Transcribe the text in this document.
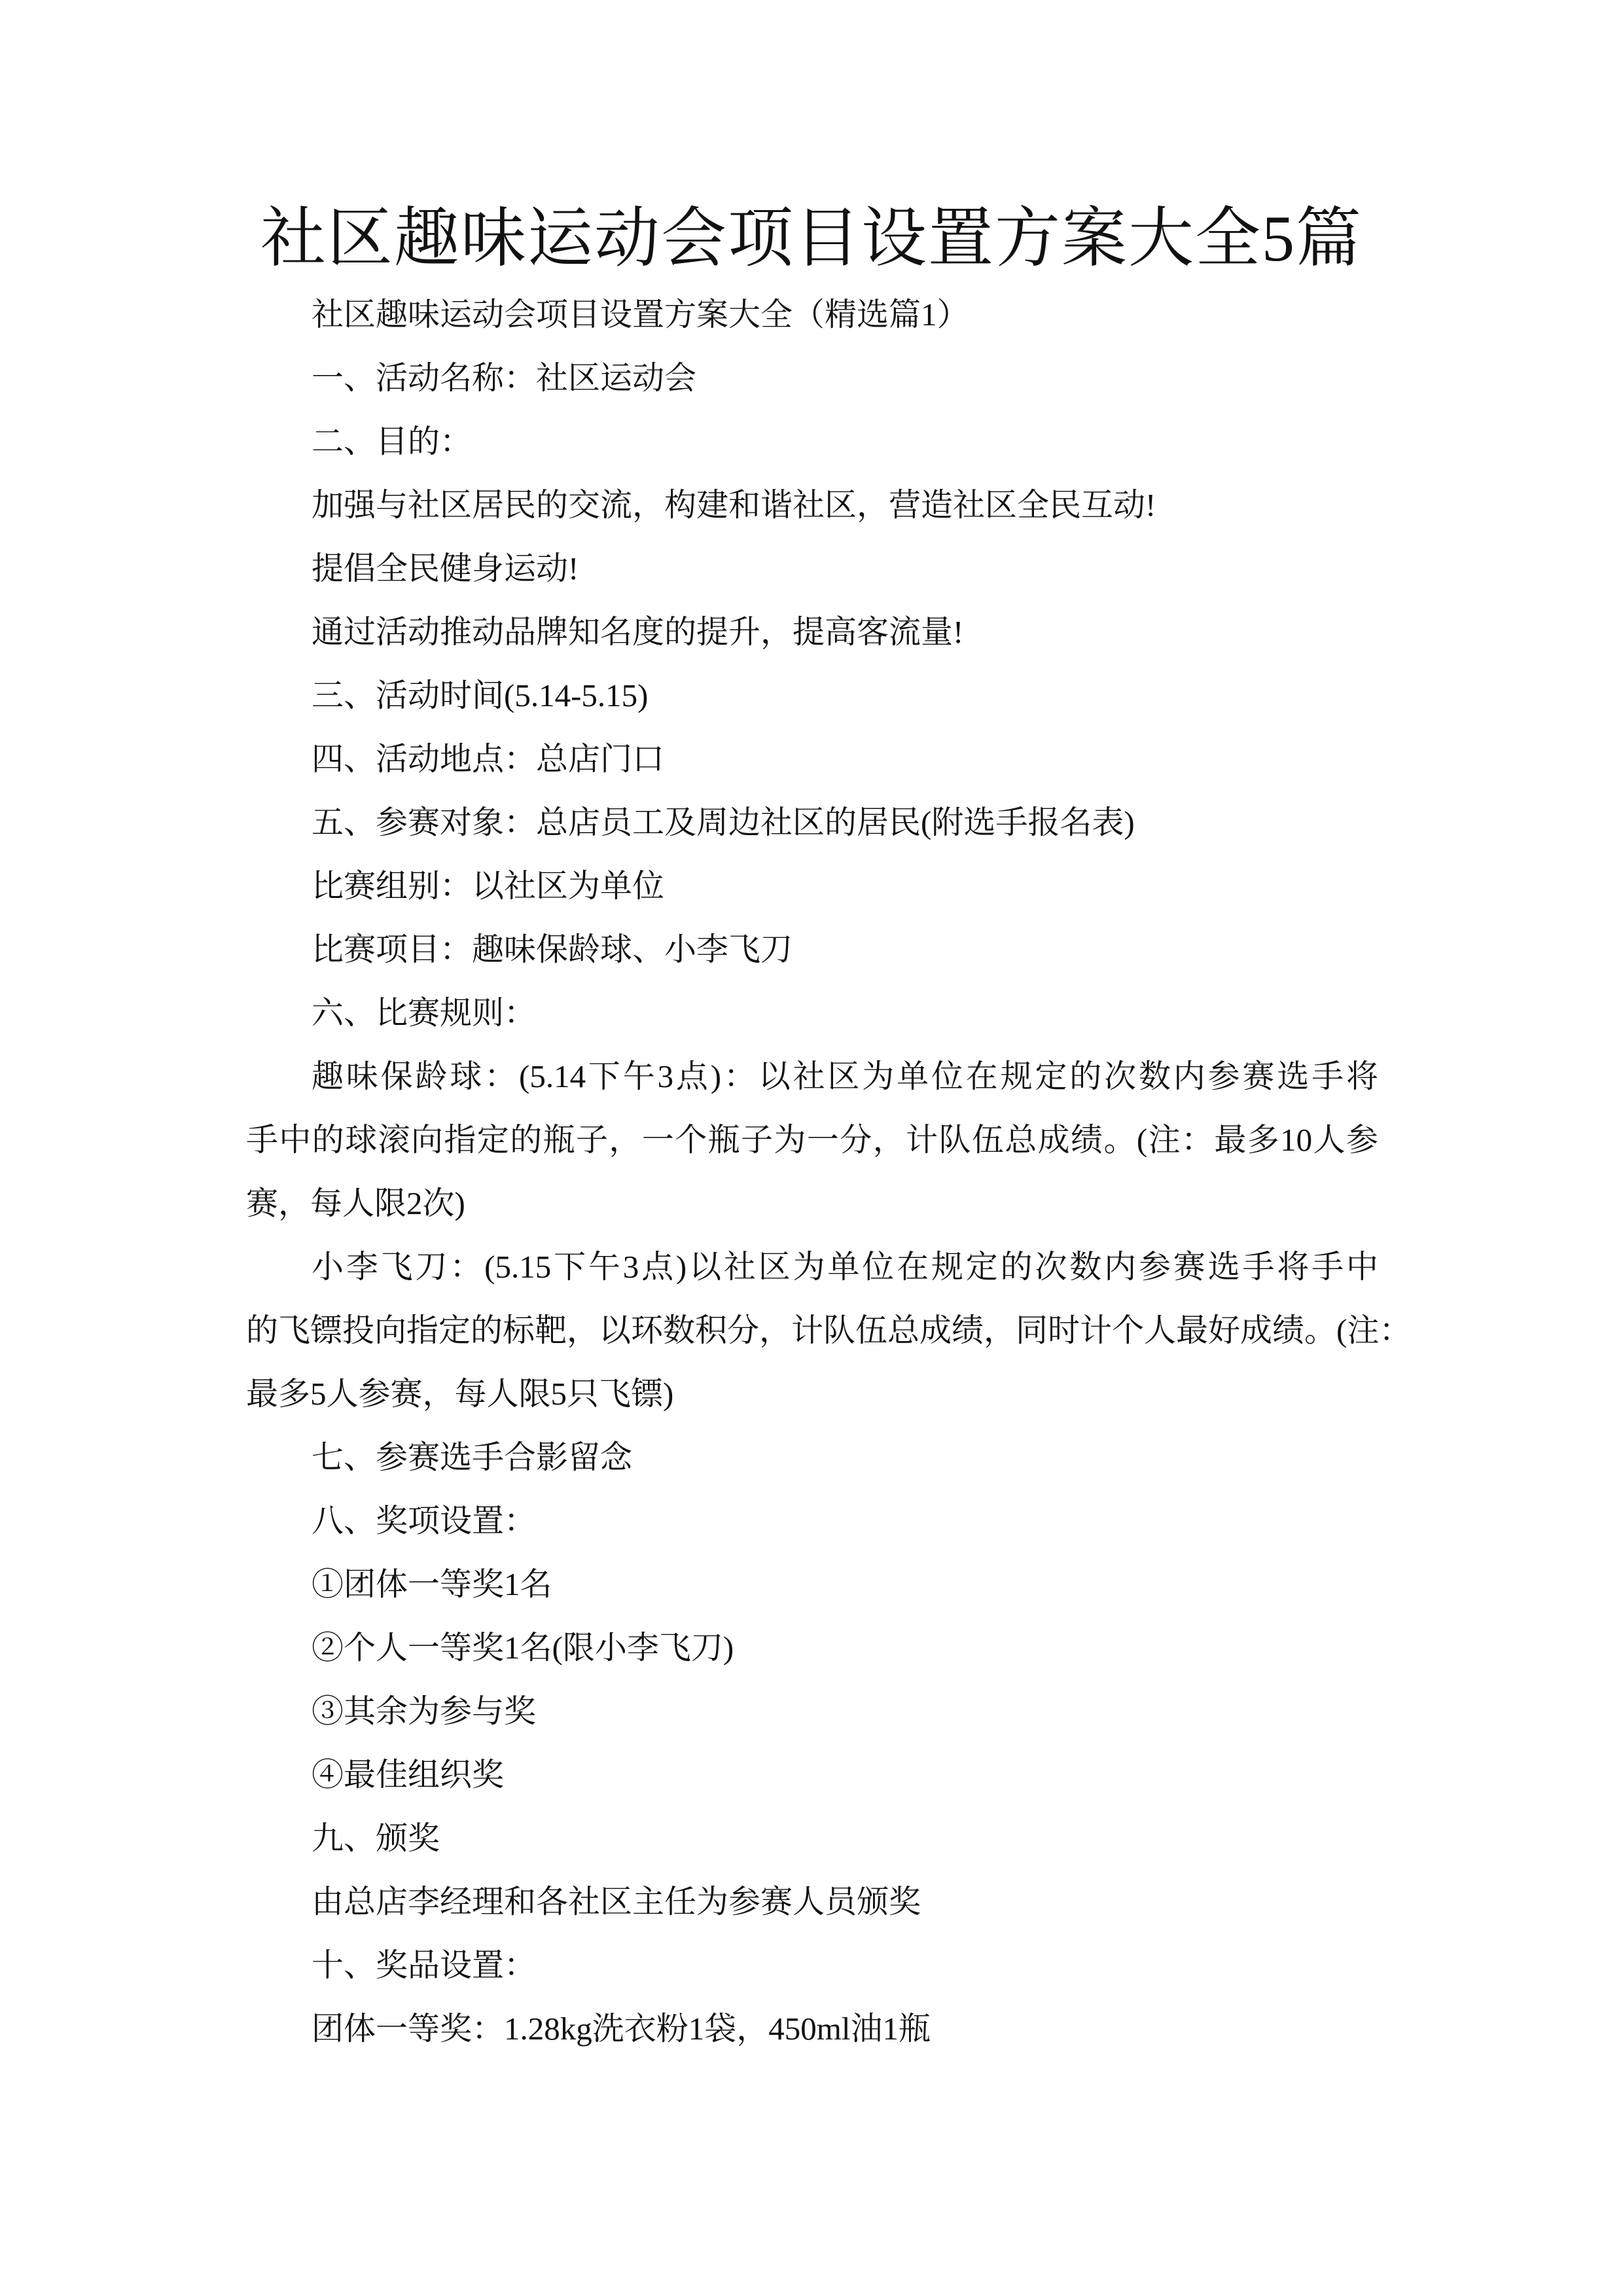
社区趣味运动会项目设置方案大全5篇
社区趣味运动会项目设置方案大全（精选篇1）
一、活动名称：社区运动会
二、目的：
加强与社区居民的交流，构建和谐社区，营造社区全民互动!
提倡全民健身运动!
通过活动推动品牌知名度的提升，提高客流量!
三、活动时间(5.14-5.15)
四、活动地点：总店门口
五、参赛对象：总店员工及周边社区的居民(附选手报名表)
比赛组别：以社区为单位
比赛项目：趣味保龄球、小李飞刀
六、比赛规则：
趣味保龄球：(5.14下午3点)：以社区为单位在规定的次数内参赛选手将
手中的球滚向指定的瓶子，一个瓶子为一分，计队伍总成绩。(注：最多10人参
赛，每人限2次)
小李飞刀：(5.15下午3点)以社区为单位在规定的次数内参赛选手将手中
的飞镖投向指定的标靶，以环数积分，计队伍总成绩，同时计个人最好成绩。(注：
最多5人参赛，每人限5只飞镖)
七、参赛选手合影留念
八、奖项设置：
①团体一等奖1名
②个人一等奖1名(限小李飞刀)
③其余为参与奖
④最佳组织奖
九、颁奖
由总店李经理和各社区主任为参赛人员颁奖
十、奖品设置：
团体一等奖：1.28kg洗衣粉1袋，450ml油1瓶
